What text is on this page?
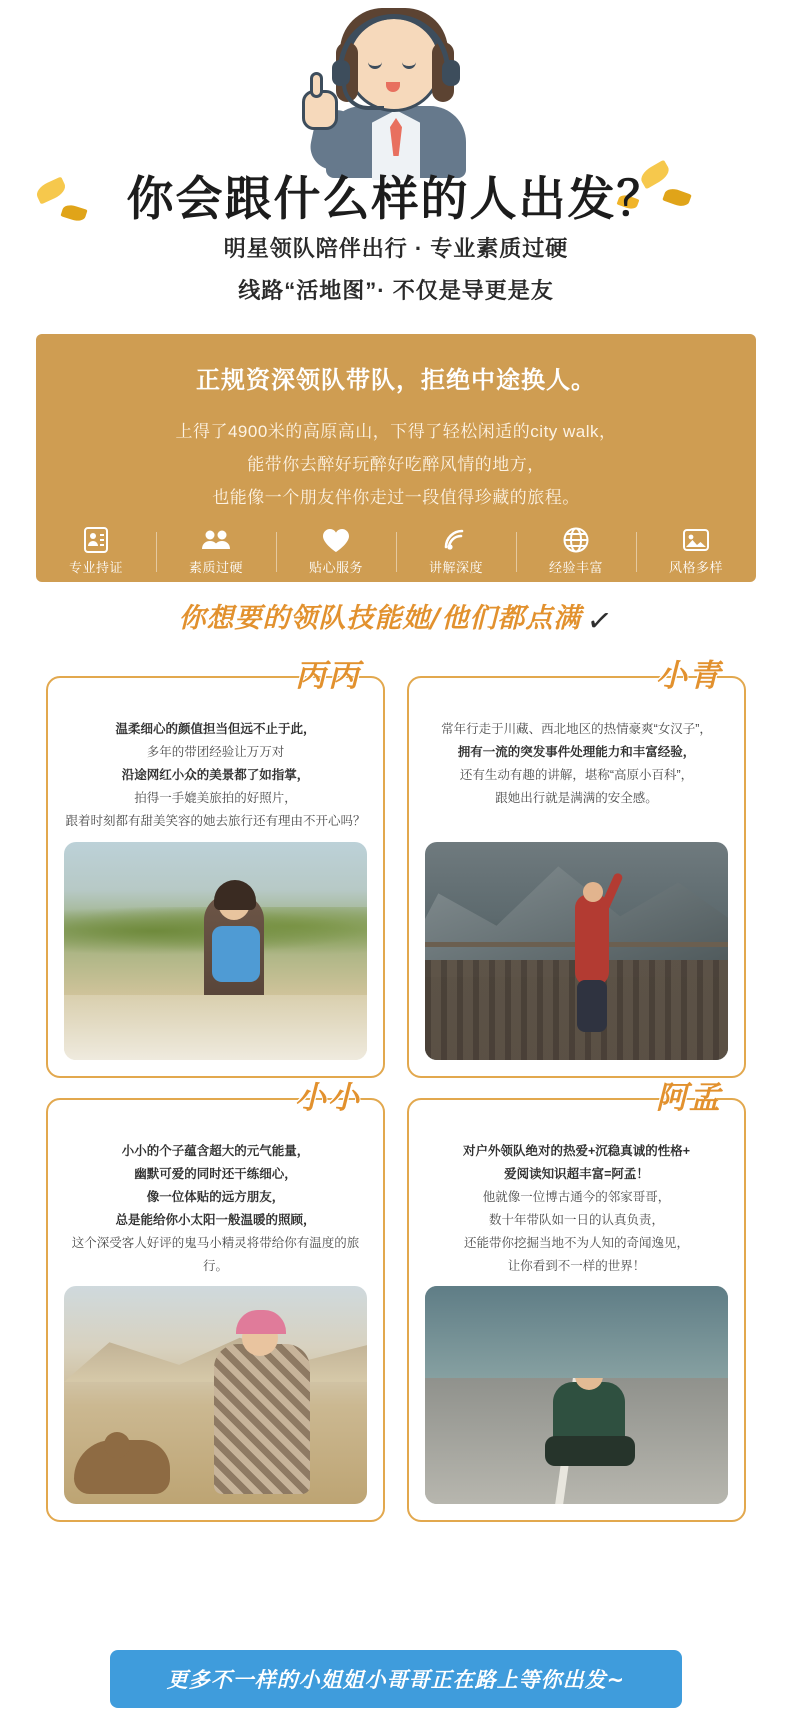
你会跟什么样的人出发？
明星领队陪伴出行 · 专业素质过硬
线路“活地图”· 不仅是导更是友
正规资深领队带队，拒绝中途换人。
上得了4900米的高原高山，下得了轻松闲适的city walk，
能带你去醉好玩醉好吃醉风情的地方，
也能像一个朋友伴你走过一段值得珍藏的旅程。
专业持证	素质过硬	贴心服务	讲解深度	经验丰富	风格多样
你想要的领队技能她/他们都点满 ✓
丙丙
温柔细心的颜值担当但远不止于此，
多年的带团经验让万万对
沿途网红小众的美景都了如指掌，
拍得一手媲美旅拍的好照片，
跟着时刻都有甜美笑容的她去旅行还有理由不开心吗？
小青
常年行走于川藏、西北地区的热情豪爽“女汉子”，
拥有一流的突发事件处理能力和丰富经验，
还有生动有趣的讲解，堪称“高原小百科”，
跟她出行就是满满的安全感。
小小
小小的个子蕴含超大的元气能量，
幽默可爱的同时还干练细心，
像一位体贴的远方朋友，
总是能给你小太阳一般温暖的照顾，
这个深受客人好评的鬼马小精灵将带给你有温度的旅行。
阿孟
对户外领队绝对的热爱+沉稳真诚的性格+
爱阅读知识超丰富=阿孟！
他就像一位博古通今的邻家哥哥，
数十年带队如一日的认真负责，
还能带你挖掘当地不为人知的奇闻逸见，
让你看到不一样的世界！
更多不一样的小姐姐小哥哥正在路上等你出发~
